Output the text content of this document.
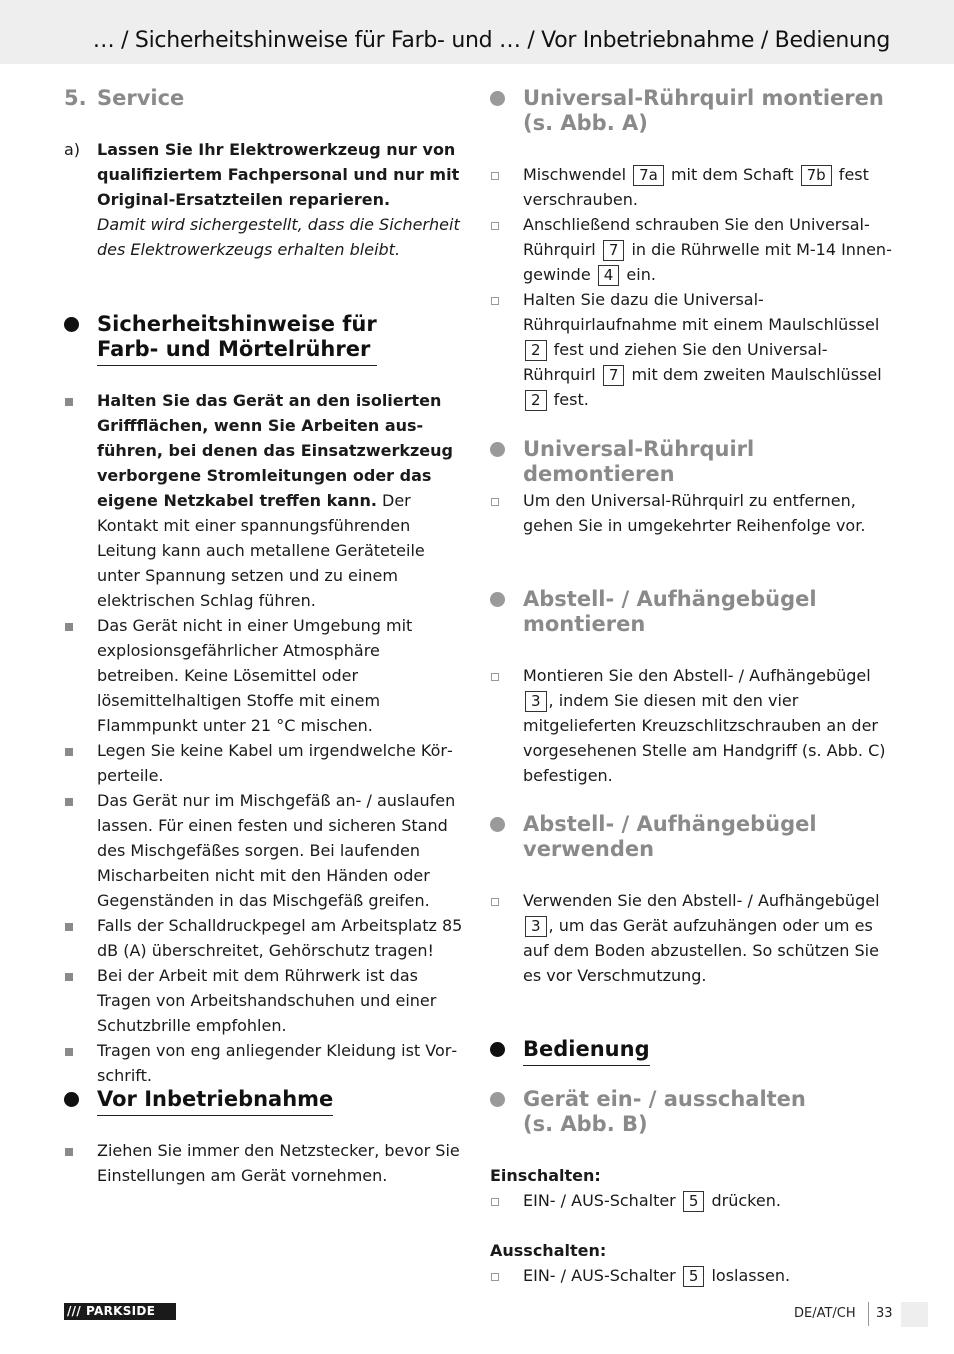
… / Sicherheitshinweise für Farb- und … / Vor Inbetriebnahme / Bedienung
5. Service
a) Lassen Sie Ihr Elektrowerkzeug nur von qualifiziertem Fachpersonal und nur mit Original-Ersatzteilen reparieren.
Damit wird sichergestellt, dass die Sicherheit des Elektrowerkzeugs erhalten bleibt.
Sicherheitshinweise für
Farb- und Mörtelrührer
Halten Sie das Gerät an den isolierten Griffflächen, wenn Sie Arbeiten ausführen, bei denen das Einsatzwerkzeug verborgene Stromleitungen oder das eigene Netzkabel treffen kann. Der Kontakt mit einer spannungsführenden Leitung kann auch metallene Geräteteile unter Spannung setzen und zu einem elektrischen Schlag führen.
Das Gerät nicht in einer Umgebung mit explosionsgefährlicher Atmosphäre betreiben. Keine Lösemittel oder lösemittelhaltigen Stoffe mit einem Flammpunkt unter 21 °C mischen.
Legen Sie keine Kabel um irgendwelche Körperteile.
Das Gerät nur im Mischgefäß an- / auslaufen lassen. Für einen festen und sicheren Stand des Mischgefäßes sorgen. Bei laufenden Mischarbeiten nicht mit den Händen oder Gegenständen in das Mischgefäß greifen.
Falls der Schalldruckpegel am Arbeitsplatz 85 dB (A) überschreitet, Gehörschutz tragen!
Bei der Arbeit mit dem Rührwerk ist das Tragen von Arbeitshandschuhen und einer Schutzbrille empfohlen.
Tragen von eng anliegender Kleidung ist Vorschrift.
Vor Inbetriebnahme
Ziehen Sie immer den Netzstecker, bevor Sie Einstellungen am Gerät vornehmen.
Universal-Rührquirl montieren
(s. Abb. A)
Mischwendel 7a mit dem Schaft 7b fest verschrauben.
Anschließend schrauben Sie den Universal-Rührquirl 7 in die Rührwelle mit M-14 Innengewinde 4 ein.
Halten Sie dazu die Universal-Rührquirlaufnahme mit einem Maulschlüssel 2 fest und ziehen Sie den Universal-Rührquirl 7 mit dem zweiten Maulschlüssel 2 fest.
Universal-Rührquirl demontieren
Um den Universal-Rührquirl zu entfernen, gehen Sie in umgekehrter Reihenfolge vor.
Abstell- / Aufhängebügel
montieren
Montieren Sie den Abstell- / Aufhängebügel 3 , indem Sie diesen mit den vier mitgelieferten Kreuzschlitzschrauben an der vorgesehenen Stelle am Handgriff (s. Abb. C) befestigen.
Abstell- / Aufhängebügel
verwenden
Verwenden Sie den Abstell- / Aufhängebügel 3 , um das Gerät aufzuhängen oder um es auf dem Boden abzustellen. So schützen Sie es vor Verschmutzung.
Bedienung
Gerät ein- / ausschalten
(s. Abb. B)
Einschalten:
EIN- / AUS-Schalter 5 drücken.
Ausschalten:
EIN- / AUS-Schalter 5 loslassen.
/// PARKSIDE	DE/AT/CH 33
